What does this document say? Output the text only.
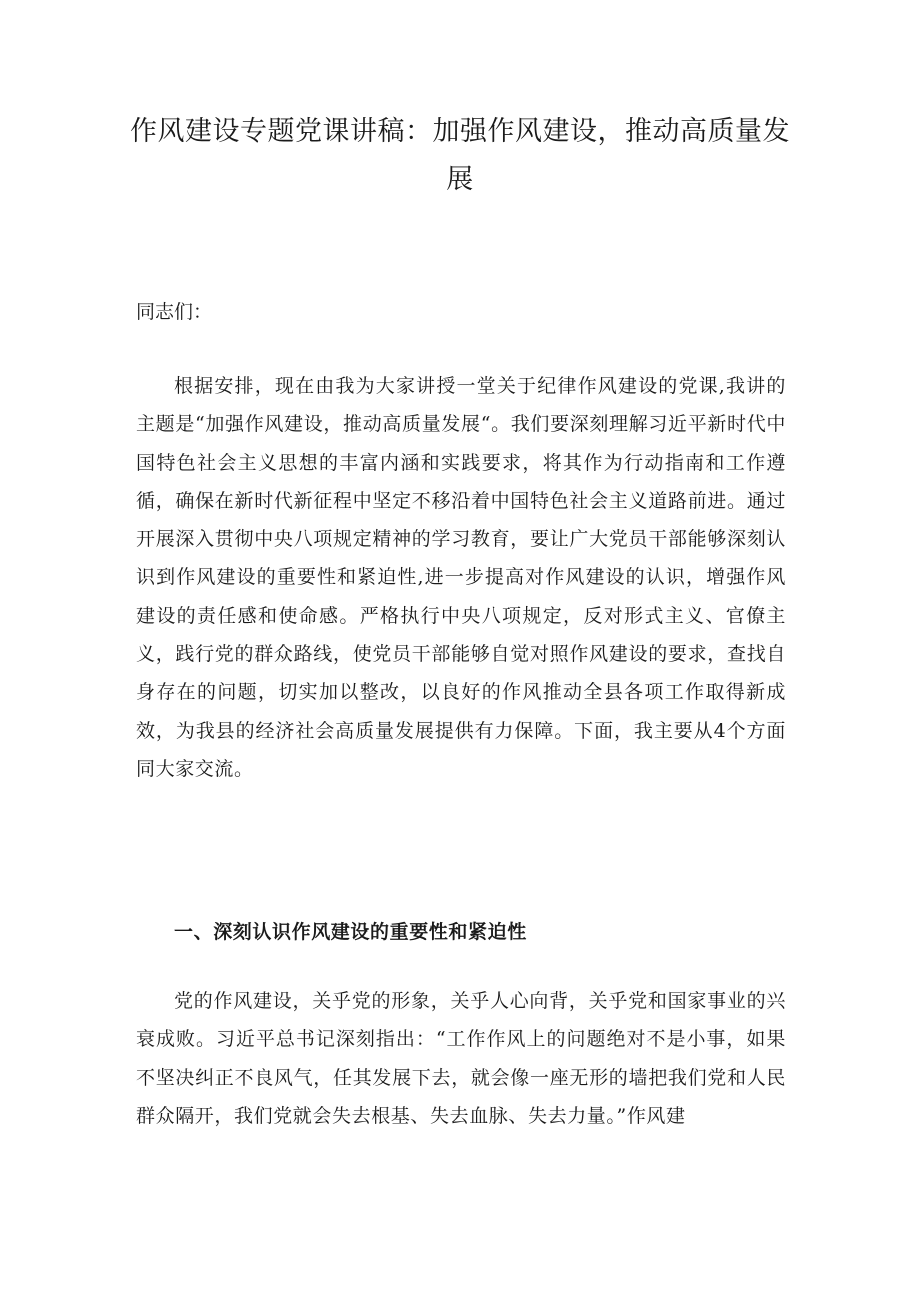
作风建设专题党课讲稿：加强作风建设，推动高质量发展

同志们：

根据安排，现在由我为大家讲授一堂关于纪律作风建设的党课,我讲的主题是“加强作风建设，推动高质量发展“。我们要深刻理解习近平新时代中国特色社会主义思想的丰富内涵和实践要求，将其作为行动指南和工作遵循，确保在新时代新征程中坚定不移沿着中国特色社会主义道路前进。通过开展深入贯彻中央八项规定精神的学习教育，要让广大党员干部能够深刻认识到作风建设的重要性和紧迫性,进一步提高对作风建设的认识，增强作风建设的责任感和使命感。严格执行中央八项规定，反对形式主义、官僚主义，践行党的群众路线，使党员干部能够自觉对照作风建设的要求，查找自身存在的问题，切实加以整改，以良好的作风推动全县各项工作取得新成效，为我县的经济社会高质量发展提供有力保障。下面，我主要从4个方面同大家交流。

一、深刻认识作风建设的重要性和紧迫性

党的作风建设，关乎党的形象，关乎人心向背，关乎党和国家事业的兴衰成败。习近平总书记深刻指出：“工作作风上的问题绝对不是小事，如果不坚决纠正不良风气，任其发展下去，就会像一座无形的墙把我们党和人民群众隔开，我们党就会失去根基、失去血脉、失去力量。”作风建
